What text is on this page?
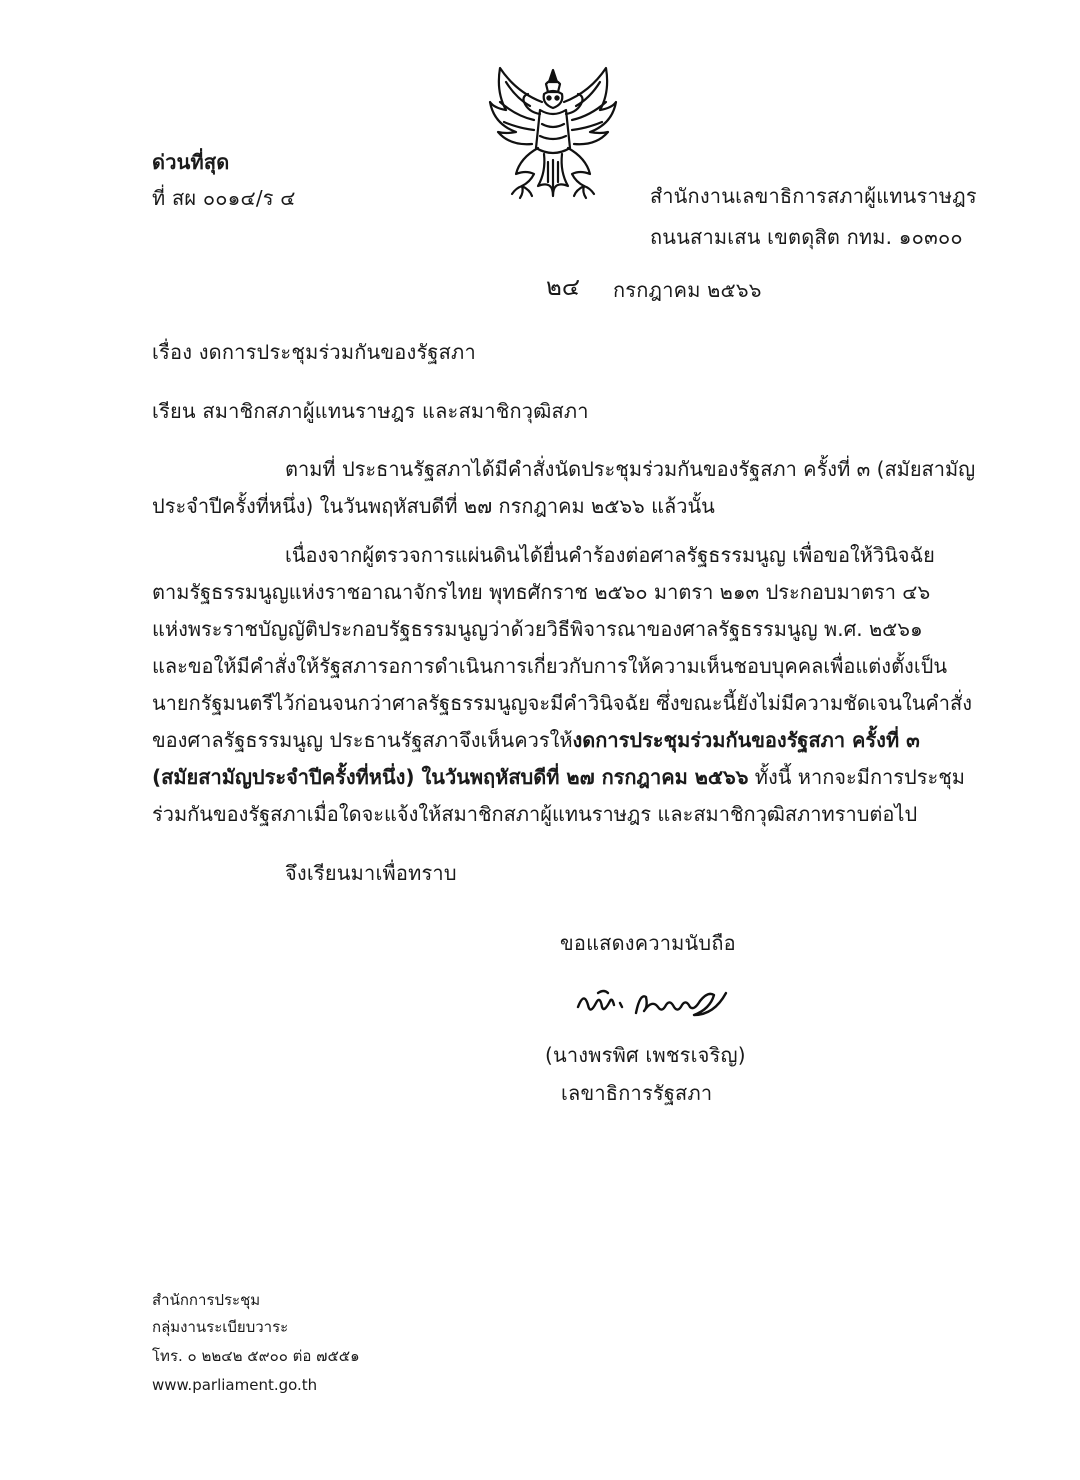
ด่วนที่สุด
ที่ สผ ๐๐๑๔/ร ๔	สำนักงานเลขาธิการสภาผู้แทนราษฎร
ถนนสามเสน เขตดุสิต กทม. ๑๐๓๐๐
๒๔ กรกฎาคม ๒๕๖๖
เรื่อง งดการประชุมร่วมกันของรัฐสภา
เรียน สมาชิกสภาผู้แทนราษฎร และสมาชิกวุฒิสภา
ตามที่ ประธานรัฐสภาได้มีคำสั่งนัดประชุมร่วมกันของรัฐสภา ครั้งที่ ๓ (สมัยสามัญ
ประจำปีครั้งที่หนึ่ง) ในวันพฤหัสบดีที่ ๒๗ กรกฎาคม ๒๕๖๖ แล้วนั้น
เนื่องจากผู้ตรวจการแผ่นดินได้ยื่นคำร้องต่อศาลรัฐธรรมนูญ เพื่อขอให้วินิจฉัย
ตามรัฐธรรมนูญแห่งราชอาณาจักรไทย พุทธศักราช ๒๕๖๐ มาตรา ๒๑๓ ประกอบมาตรา ๔๖
แห่งพระราชบัญญัติประกอบรัฐธรรมนูญว่าด้วยวิธีพิจารณาของศาลรัฐธรรมนูญ พ.ศ. ๒๕๖๑
และขอให้มีคำสั่งให้รัฐสภารอการดำเนินการเกี่ยวกับการให้ความเห็นชอบบุคคลเพื่อแต่งตั้งเป็น
นายกรัฐมนตรีไว้ก่อนจนกว่าศาลรัฐธรรมนูญจะมีคำวินิจฉัย ซึ่งขณะนี้ยังไม่มีความชัดเจนในคำสั่ง
ของศาลรัฐธรรมนูญ ประธานรัฐสภาจึงเห็นควรให้งดการประชุมร่วมกันของรัฐสภา ครั้งที่ ๓
(สมัยสามัญประจำปีครั้งที่หนึ่ง) ในวันพฤหัสบดีที่ ๒๗ กรกฎาคม ๒๕๖๖ ทั้งนี้ หากจะมีการประชุม
ร่วมกันของรัฐสภาเมื่อใดจะแจ้งให้สมาชิกสภาผู้แทนราษฎร และสมาชิกวุฒิสภาทราบต่อไป
จึงเรียนมาเพื่อทราบ
ขอแสดงความนับถือ
(นางพรพิศ เพชรเจริญ)
เลขาธิการรัฐสภา
สำนักการประชุม
กลุ่มงานระเบียบวาระ
โทร. ๐ ๒๒๔๒ ๕๙๐๐ ต่อ ๗๕๕๑
www.parliament.go.th
